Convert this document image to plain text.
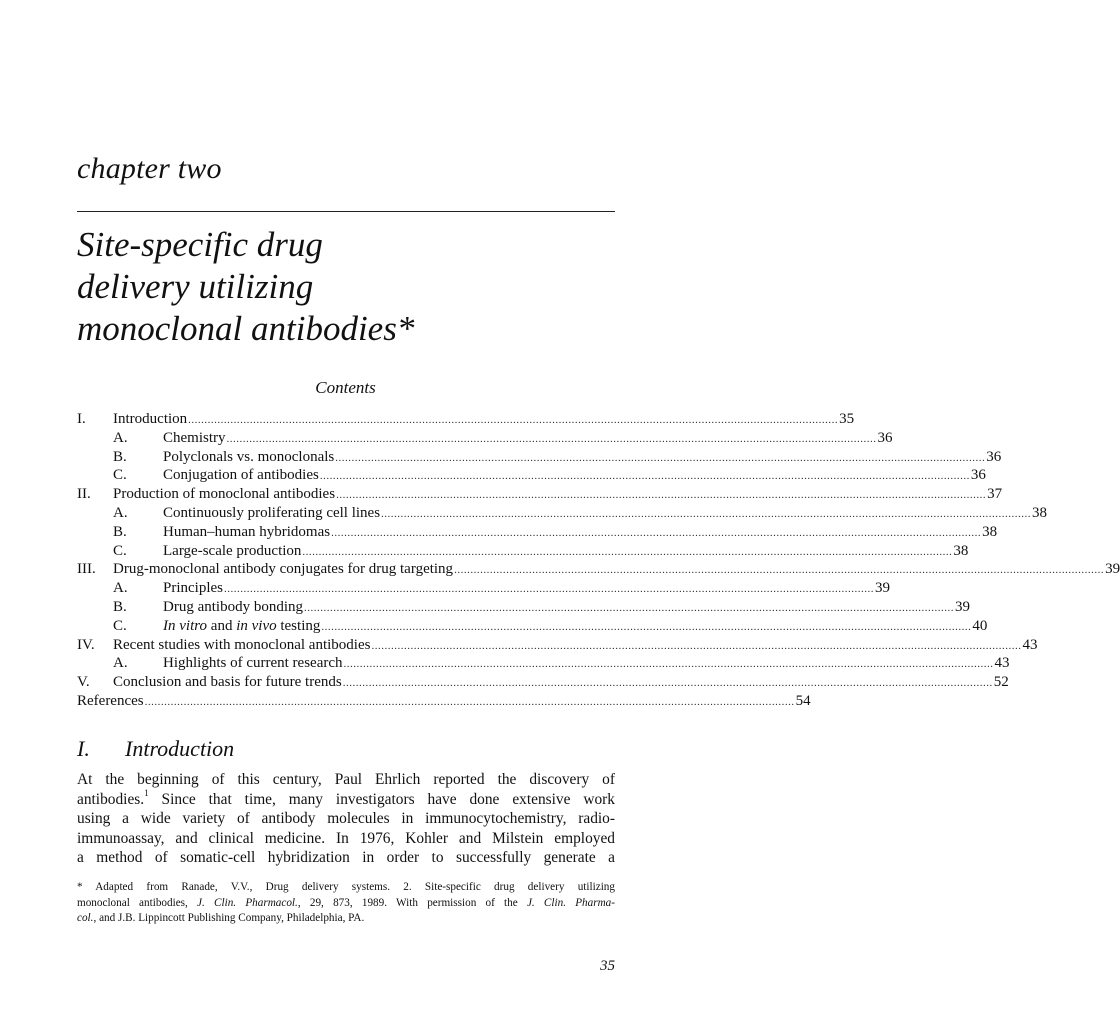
chapter two
Site-specific drug
delivery utilizing
monoclonal antibodies*
Contents
I. Introduction ........................................................................................................................................................................................................ 35
A. Chemistry ........................................................................................................................................................................................................ 36
B. Polyclonals vs. monoclonals ........................................................................................................................................................................................................ 36
C. Conjugation of antibodies ........................................................................................................................................................................................................ 36
II. Production of monoclonal antibodies ........................................................................................................................................................................................................ 37
A. Continuously proliferating cell lines ........................................................................................................................................................................................................ 38
B. Human–human hybridomas ........................................................................................................................................................................................................ 38
C. Large-scale production ........................................................................................................................................................................................................ 38
III. Drug-monoclonal antibody conjugates for drug targeting ........................................................................................................................................................................................................ 39
A. Principles ........................................................................................................................................................................................................ 39
B. Drug antibody bonding ........................................................................................................................................................................................................ 39
C. In vitro and in vivo testing ........................................................................................................................................................................................................ 40
IV. Recent studies with monoclonal antibodies ........................................................................................................................................................................................................ 43
A. Highlights of current research ........................................................................................................................................................................................................ 43
V. Conclusion and basis for future trends ........................................................................................................................................................................................................ 52
References ........................................................................................................................................................................................................ 54
I. Introduction
At the beginning of this century, Paul Ehrlich reported the discovery of
antibodies.$^1$ Since that time, many investigators have done extensive work
using a wide variety of antibody molecules in immunocytochemistry, radio-
immunoassay, and clinical medicine. In 1976, Kohler and Milstein employed
a method of somatic-cell hybridization in order to successfully generate a
* Adapted from Ranade, V.V., Drug delivery systems. 2. Site-specific drug delivery utilizing
monoclonal antibodies, J. Clin. Pharmacol., 29, 873, 1989. With permission of the J. Clin. Pharma-
col., and J.B. Lippincott Publishing Company, Philadelphia, PA.
35
